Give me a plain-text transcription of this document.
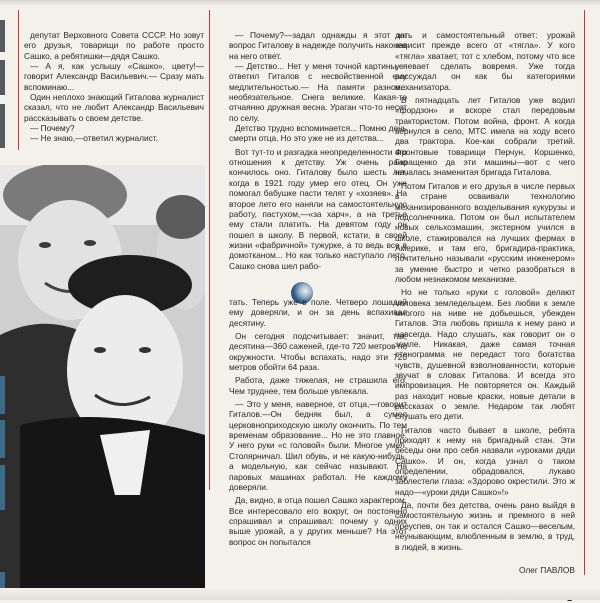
депутат Верховного Совета СССР. Но зовут его друзья, товарищи по работе просто Сашко, а ребятишки—дядя Сашко.

— А я, как услышу «Сашко», цвету!—говорит Александр Васильевич.— Сразу мать вспоминаю...

Один неплохо знающий Гиталова журналист сказал, что не любит Александр Васильевич рассказывать о своем детстве.

— Почему?

— Не знаю,—ответил журналист.

— Почему?—задал однажды я этот же вопрос Гиталову в надежде получить наконец на него ответ.

— Детство... Нет у меня точной картины,—ответил Гиталов с несвойственной ему медлительностью.— На памяти разное... необязательное. Снега великие. Какая-то отчаянно дружная весна. Ураган что-то несет по селу.

Детство трудно вспоминается... Помню день смерти отца. Но это уже не из детства...

Вот тут-то и разгадка неопределенности его отношения к детству. Уж очень рано кончилось оно. Гиталову было шесть лет, когда в 1921 году умер его отец. Он уже помогал бабушке пасти телят у «хозяев». На второе лето его наняли на самостоятельную работу, пастухом,—«за харч», а на третье ему стали платить. На девятом году он пошел в школу. В первой, кстати, в своей жизни «фабричной» тужурке, а то ведь все в домотканом... Но как только наступало лето, Сашко снова шел рабо-

тать. Теперь уже в поле. Четверо лошадей ему доверяли, и он за день вспахивал десятину.

Он сегодня подсчитывает: значит, так, десятина—360 саженей, где-то 720 метров по окружности. Чтобы вспахать, надо эти 720 метров обойти 64 раза.

Работа, даже тяжелая, не страшила его. Чем труднее, тем больше увлекала.

— Это у меня, наверное, от отца,—говорит Гиталов.—Он бедняк был, а сумел церковноприходскую школу окончить. По тем временам образование... Но не это главное. У него руки «с головой» были. Многое умел. Столярничал. Шил обувь, и не какую-нибудь, а модельную, как сейчас называют. На паровых машинах работал. Не каждому доверяли.

Да, видно, в отца пошел Сашко характером. Все интересовало его вокруг, он постоянно спрашивал и спрашивал: почему у одних выше урожай, а у других меньше? На этот вопрос он попытался

дать и самостоятельный ответ: урожай зависит прежде всего от «тягла». У кого «тягла» хватает, тот с хлебом, потому что все успевает сделать вовремя. Уже тогда рассуждал он как бы категориями механизатора.

В пятнадцать лет Гиталов уже водил «фордзон» и вскоре стал передовым трактористом. Потом война, фронт. А когда вернулся в село, МТС имела на ходу всего два трактора. Кое-как собрали третий. Фронтовые товарищи Перчун, Коршенко, Гаращенко да эти машины—вот с чего началась знаменитая бригада Гиталова.

Потом Гиталов и его друзья в числе первых в стране осваивали технологию механизированного возделывания кукурузы и подсолнечника. Потом он был испытателем новых сельхозмашин, экстерном учился в школе, стажировался на лучших фермах в Америке, и там его, бригадира-практика, почтительно называли «русским инженером» за умение быстро и четко разобраться в любом незнакомом механизме.

Но не только «руки с головой» делают человека земледельцем. Без любви к земле многого на ниве не добьешься, убежден Гиталов. Эта любовь пришла к нему рано и навсегда. Надо слушать, как говорит он о земле. Никакая, даже самая точная стенограмма не передаст того богатства чувств, душевной взволнованности, которые звучат в словах Гиталова. И всегда это импровизация. Не повторяется он. Каждый раз находит новые краски, новые детали в рассказах о земле. Недаром так любят слушать его дети.

Гиталов часто бывает в школе, ребята приходят к нему на бригадный стан. Эти беседы они про себя назвали «уроками дяди Сашко». И он, когда узнал о таком определении, обрадовался, лукаво заблестели глаза: «Здорово окрестили. Это ж надо—«уроки дяди Сашко»!»

Да, почти без детства, очень рано выйдя в самостоятельную жизнь и премного в ней преуспев, он так и остался Сашко—веселым, неунывающим, влюбленным в землю, в труд, в людей, в жизнь.

Олег ПАВЛОВ
